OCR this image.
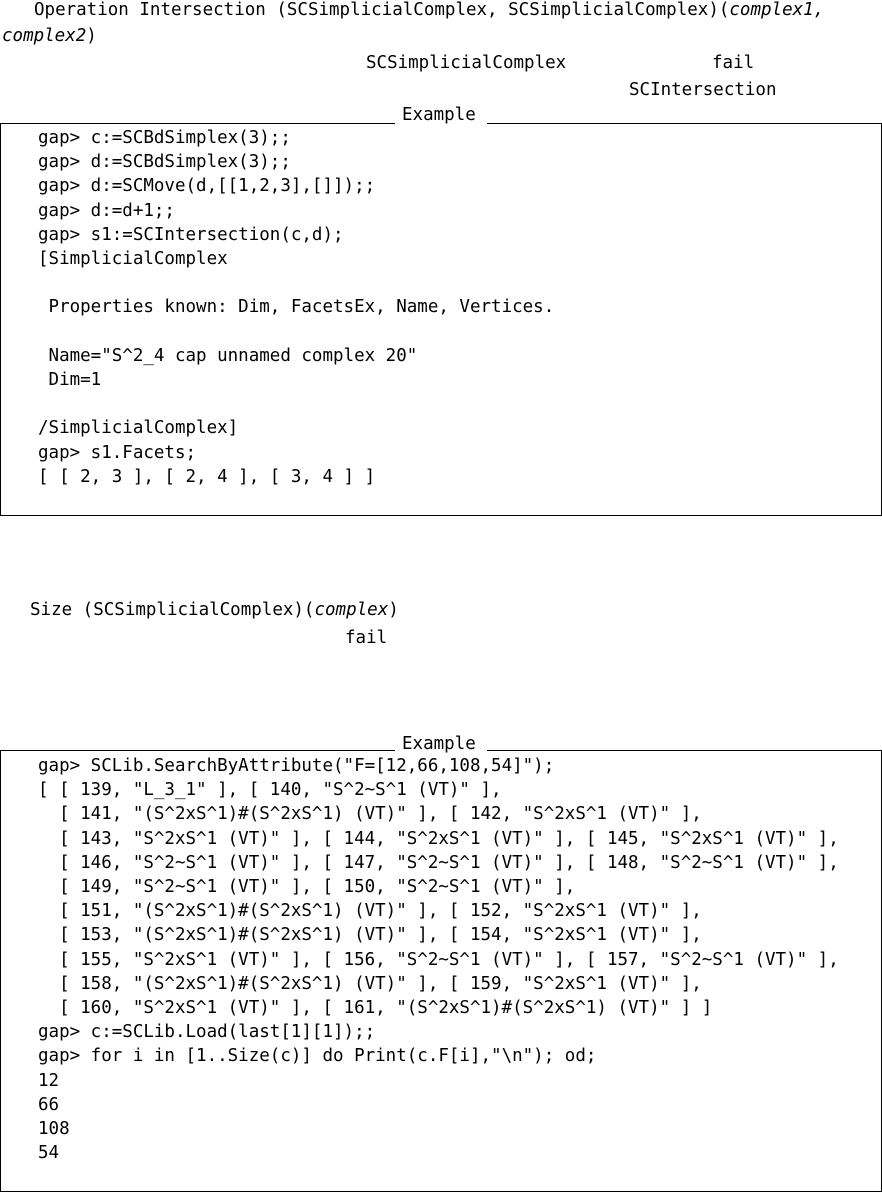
Operation Intersection (SCSimplicialComplex, SCSimplicialComplex)(complex1,
complex2)
SCSimplicialComplex	fail
SCIntersection
Example
gap> c:=SCBdSimplex(3);;
gap> d:=SCBdSimplex(3);;
gap> d:=SCMove(d,[[1,2,3],[]]);;
gap> d:=d+1;;
gap> s1:=SCIntersection(c,d);
[SimplicialComplex

Properties known: Dim, FacetsEx, Name, Vertices.

Name="S^2_4 cap unnamed complex 20"
Dim=1

/SimplicialComplex]
gap> s1.Facets;
[ [ 2, 3 ], [ 2, 4 ], [ 3, 4 ] ]
Size (SCSimplicialComplex)(complex)
fail
Example
gap> SCLib.SearchByAttribute("F=[12,66,108,54]");
[ [ 139, "L_3_1" ], [ 140, "S^2~S^1 (VT)" ],
[ 141, "(S^2xS^1)#(S^2xS^1) (VT)" ], [ 142, "S^2xS^1 (VT)" ],
[ 143, "S^2xS^1 (VT)" ], [ 144, "S^2xS^1 (VT)" ], [ 145, "S^2xS^1 (VT)" ],
[ 146, "S^2~S^1 (VT)" ], [ 147, "S^2~S^1 (VT)" ], [ 148, "S^2~S^1 (VT)" ],
[ 149, "S^2~S^1 (VT)" ], [ 150, "S^2~S^1 (VT)" ],
[ 151, "(S^2xS^1)#(S^2xS^1) (VT)" ], [ 152, "S^2xS^1 (VT)" ],
[ 153, "(S^2xS^1)#(S^2xS^1) (VT)" ], [ 154, "S^2xS^1 (VT)" ],
[ 155, "S^2xS^1 (VT)" ], [ 156, "S^2~S^1 (VT)" ], [ 157, "S^2~S^1 (VT)" ],
[ 158, "(S^2xS^1)#(S^2xS^1) (VT)" ], [ 159, "S^2xS^1 (VT)" ],
[ 160, "S^2xS^1 (VT)" ], [ 161, "(S^2xS^1)#(S^2xS^1) (VT)" ] ]
gap> c:=SCLib.Load(last[1][1]);;
gap> for i in [1..Size(c)] do Print(c.F[i],"\n"); od;
12
66
108
54
